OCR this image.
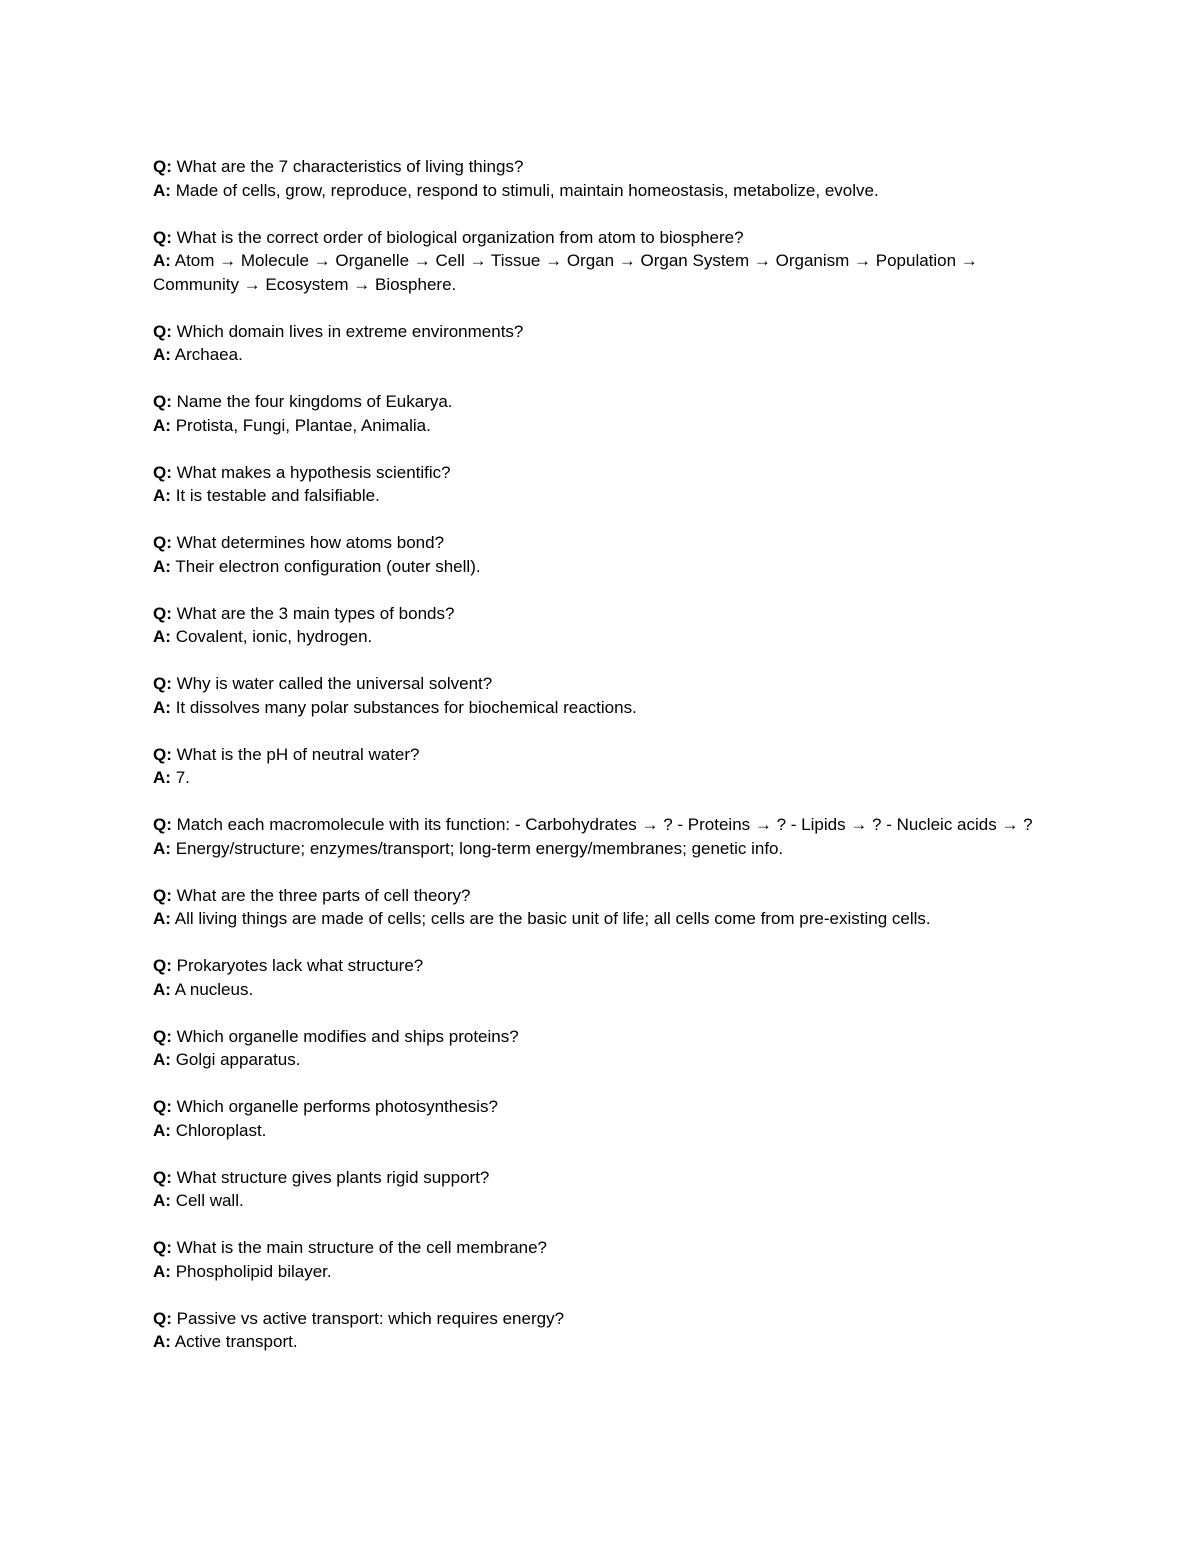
Q: What are the 7 characteristics of living things?
A: Made of cells, grow, reproduce, respond to stimuli, maintain homeostasis, metabolize, evolve.
Q: What is the correct order of biological organization from atom to biosphere?
A: Atom → Molecule → Organelle → Cell → Tissue → Organ → Organ System → Organism → Population → Community → Ecosystem → Biosphere.
Q: Which domain lives in extreme environments?
A: Archaea.
Q: Name the four kingdoms of Eukarya.
A: Protista, Fungi, Plantae, Animalia.
Q: What makes a hypothesis scientific?
A: It is testable and falsifiable.
Q: What determines how atoms bond?
A: Their electron configuration (outer shell).
Q: What are the 3 main types of bonds?
A: Covalent, ionic, hydrogen.
Q: Why is water called the universal solvent?
A: It dissolves many polar substances for biochemical reactions.
Q: What is the pH of neutral water?
A: 7.
Q: Match each macromolecule with its function: - Carbohydrates → ? - Proteins → ? - Lipids → ? - Nucleic acids → ?
A: Energy/structure; enzymes/transport; long-term energy/membranes; genetic info.
Q: What are the three parts of cell theory?
A: All living things are made of cells; cells are the basic unit of life; all cells come from pre-existing cells.
Q: Prokaryotes lack what structure?
A: A nucleus.
Q: Which organelle modifies and ships proteins?
A: Golgi apparatus.
Q: Which organelle performs photosynthesis?
A: Chloroplast.
Q: What structure gives plants rigid support?
A: Cell wall.
Q: What is the main structure of the cell membrane?
A: Phospholipid bilayer.
Q: Passive vs active transport: which requires energy?
A: Active transport.
